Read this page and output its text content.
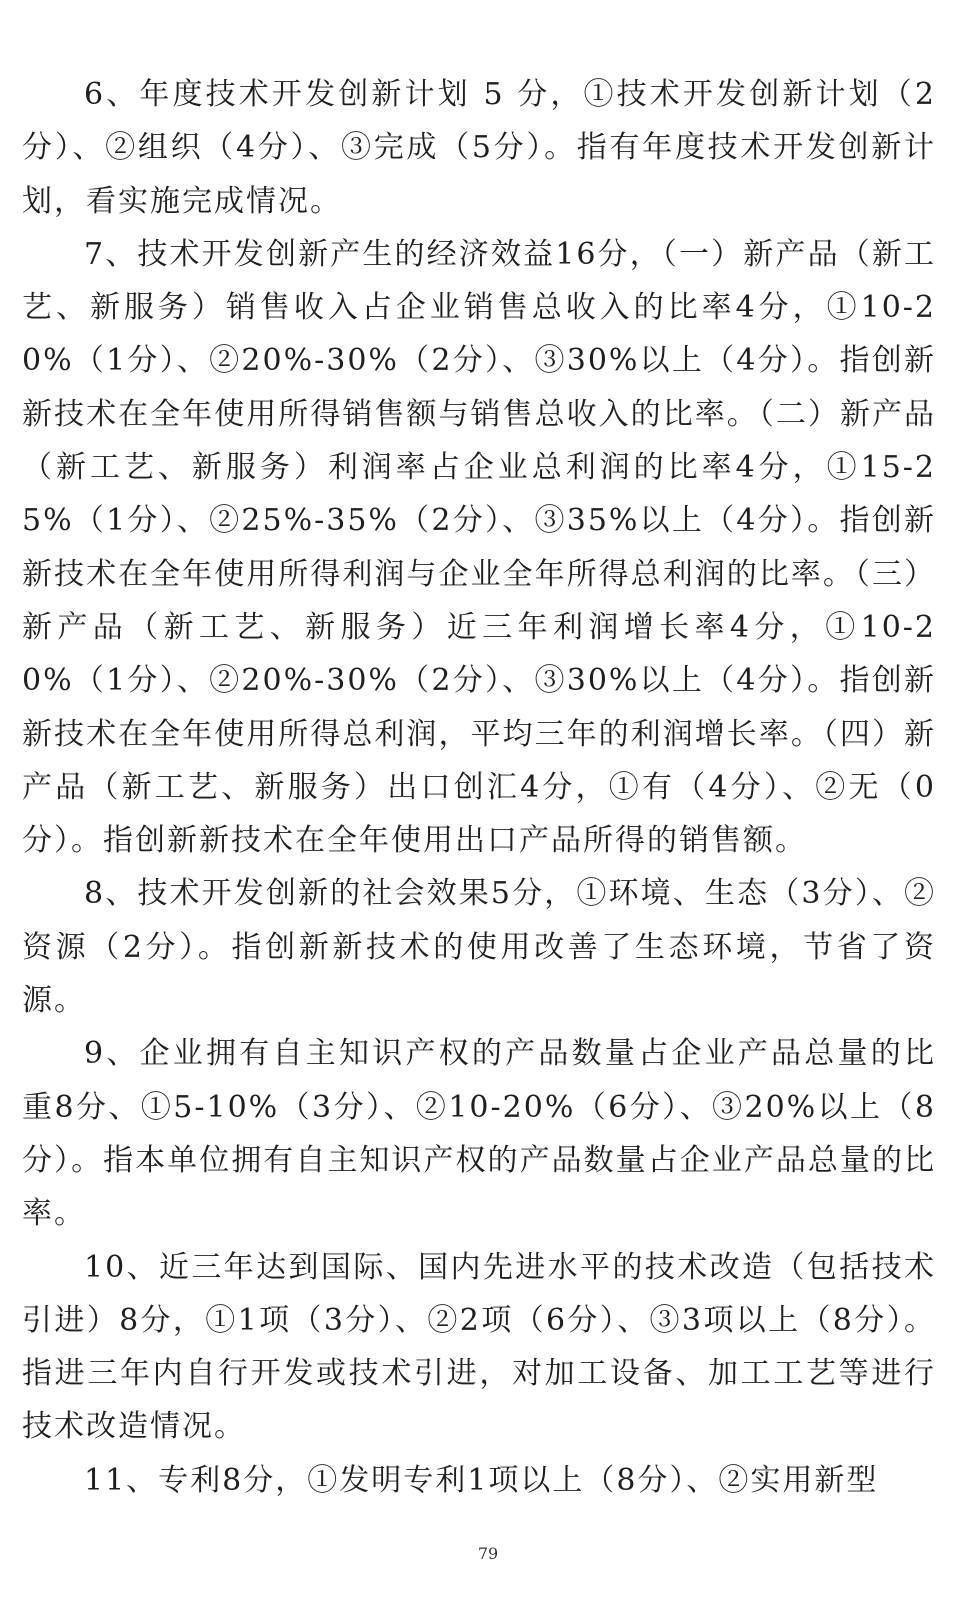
6、年度技术开发创新计划 5 分，①技术开发创新计划（2分）、②组织（4分）、③完成（5分）。指有年度技术开发创新计划，看实施完成情况。

7、技术开发创新产生的经济效益16分，（一）新产品（新工艺、新服务）销售收入占企业销售总收入的比率4分，①10-20%（1分）、②20%-30%（2分）、③30%以上（4分）。指创新新技术在全年使用所得销售额与销售总收入的比率。（二）新产品（新工艺、新服务）利润率占企业总利润的比率4分，①15-25%（1分）、②25%-35%（2分）、③35%以上（4分）。指创新新技术在全年使用所得利润与企业全年所得总利润的比率。（三）新产品（新工艺、新服务）近三年利润增长率4分，①10-20%（1分）、②20%-30%（2分）、③30%以上（4分）。指创新新技术在全年使用所得总利润，平均三年的利润增长率。（四）新产品（新工艺、新服务）出口创汇4分，①有（4分）、②无（0分）。指创新新技术在全年使用出口产品所得的销售额。

8、技术开发创新的社会效果5分，①环境、生态（3分）、②资源（2分）。指创新新技术的使用改善了生态环境，节省了资源。

9、企业拥有自主知识产权的产品数量占企业产品总量的比重8分、①5-10%（3分）、②10-20%（6分）、③20%以上（8分）。指本单位拥有自主知识产权的产品数量占企业产品总量的比率。

10、近三年达到国际、国内先进水平的技术改造（包括技术引进）8分，①1项（3分）、②2项（6分）、③3项以上（8分）。指进三年内自行开发或技术引进，对加工设备、加工工艺等进行技术改造情况。

11、专利8分，①发明专利1项以上（8分）、②实用新型

79
